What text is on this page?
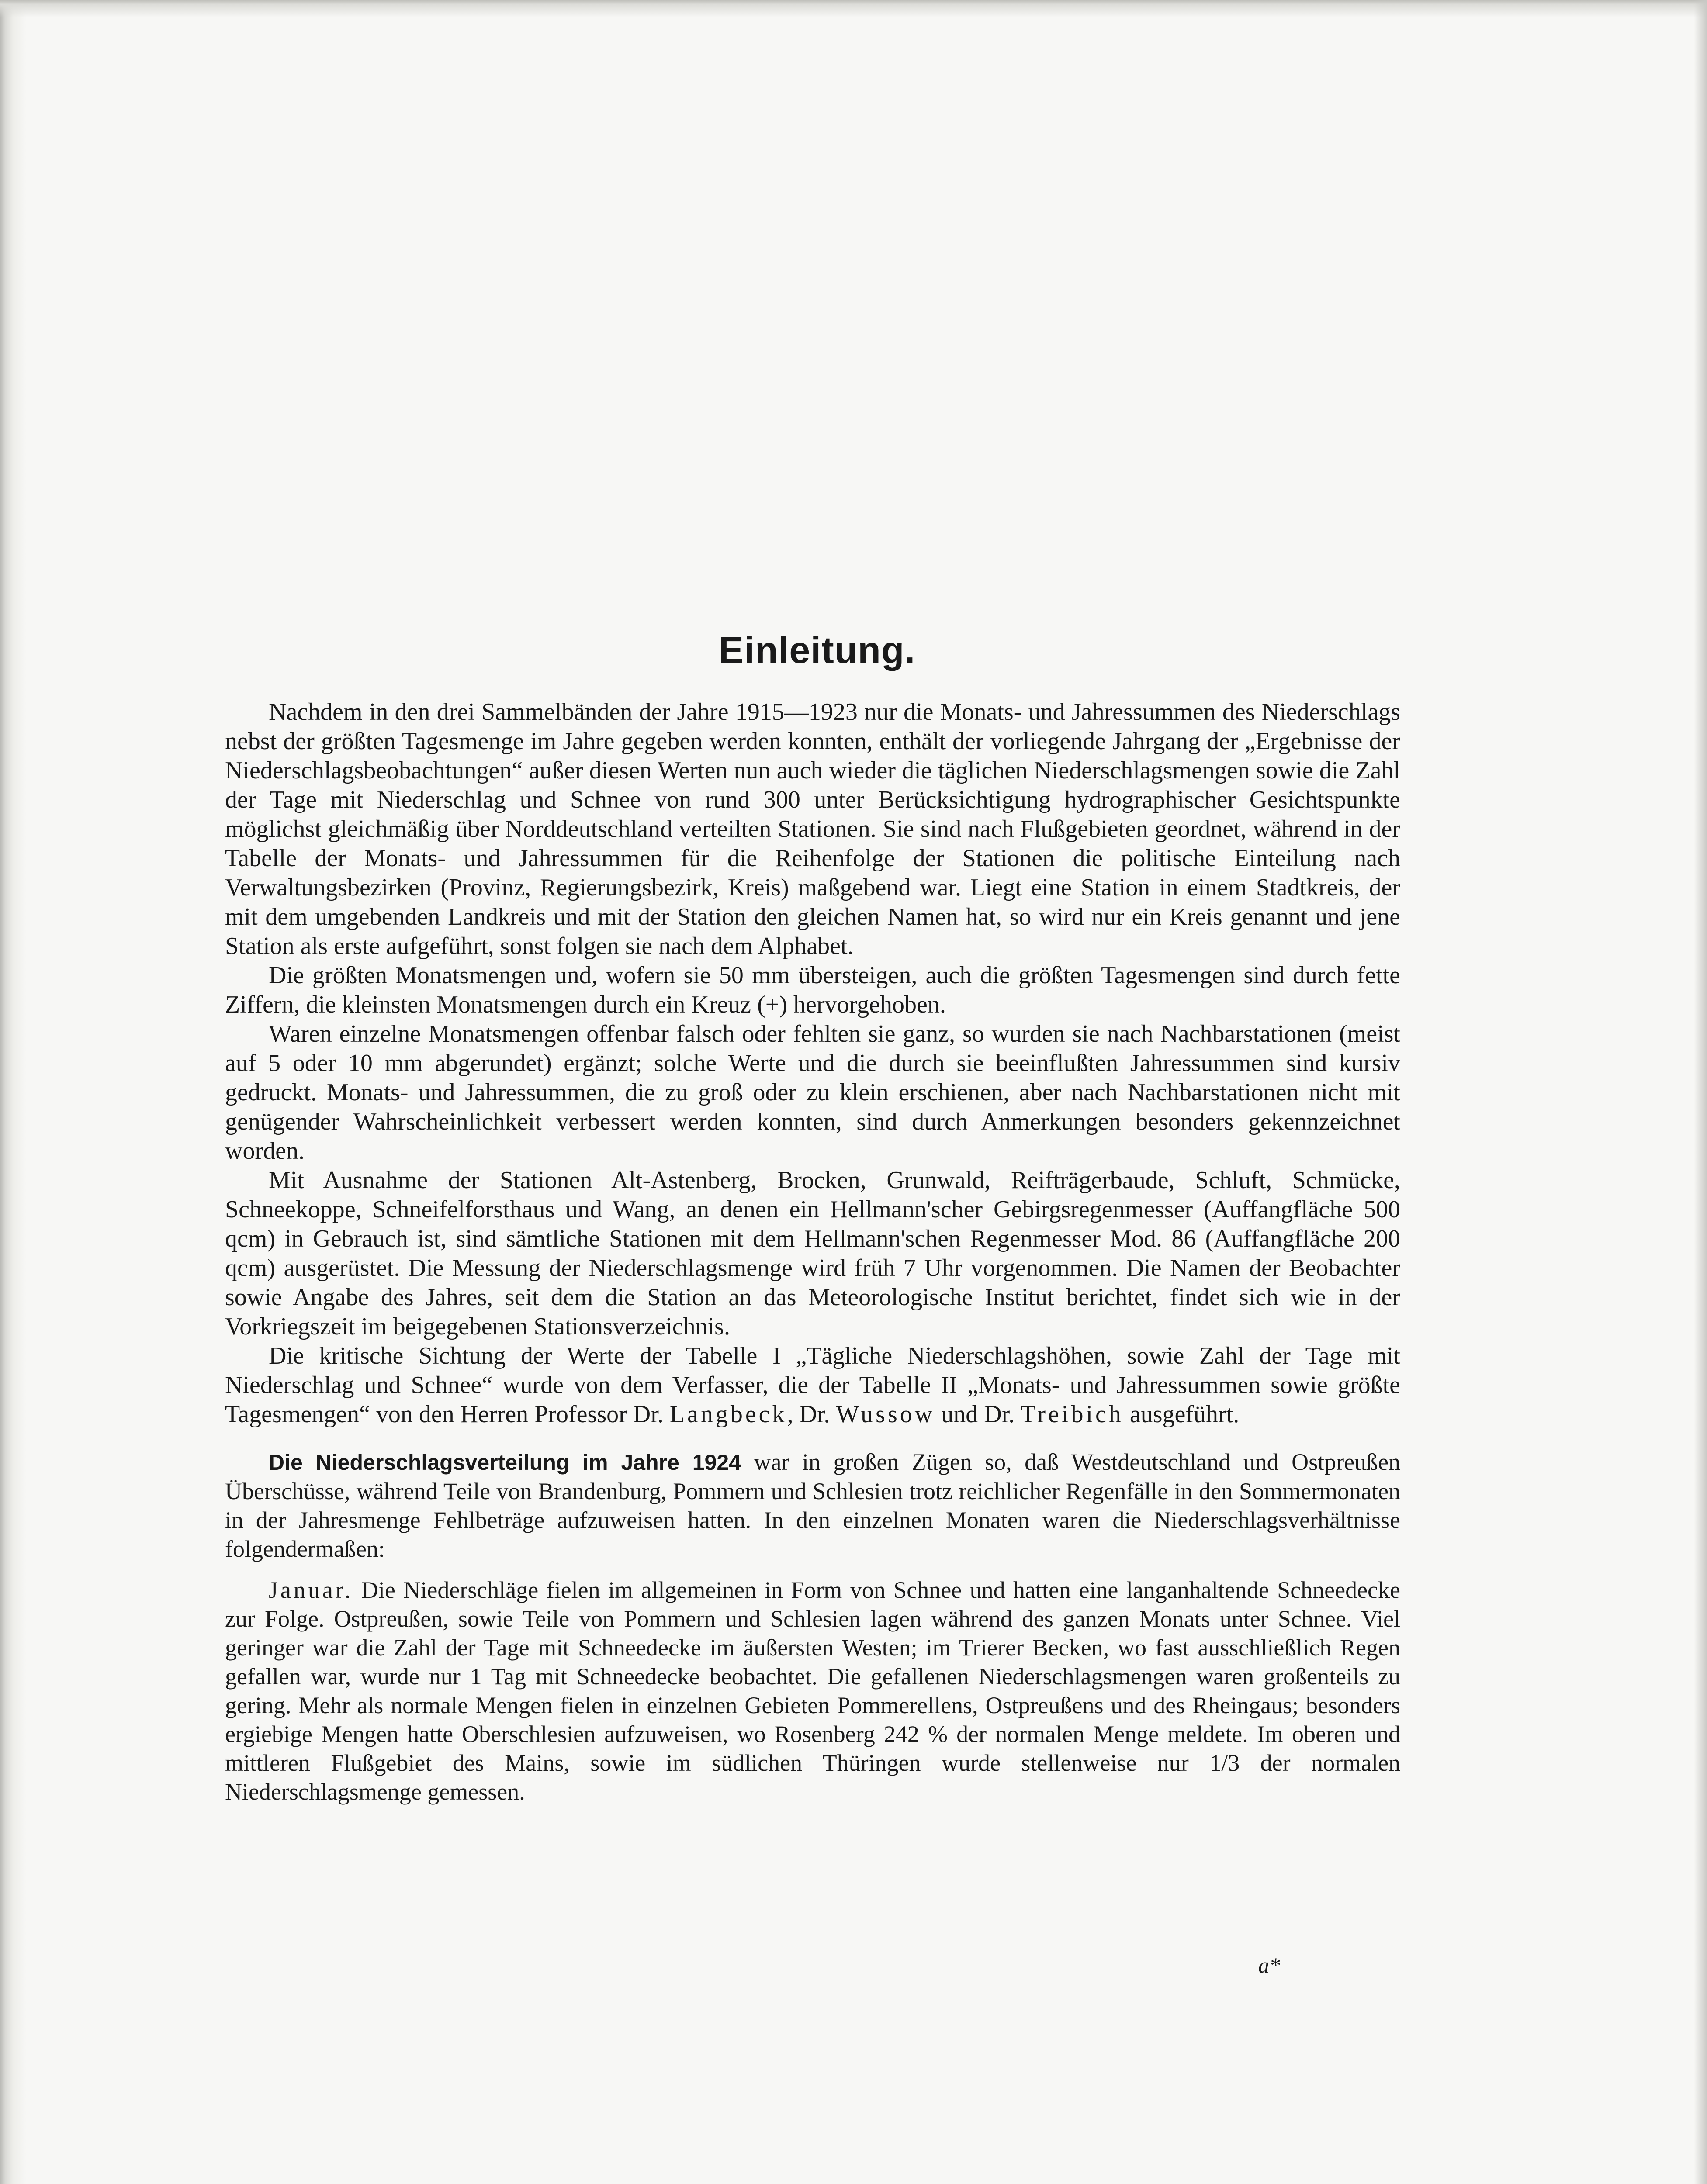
Einleitung.

Nachdem in den drei Sammelbänden der Jahre 1915—1923 nur die Monats- und Jahressummen des Niederschlags nebst der größten Tagesmenge im Jahre gegeben werden konnten, enthält der vorliegende Jahrgang der „Ergebnisse der Niederschlagsbeobachtungen“ außer diesen Werten nun auch wieder die täglichen Niederschlagsmengen sowie die Zahl der Tage mit Niederschlag und Schnee von rund 300 unter Berücksichtigung hydrographischer Gesichtspunkte möglichst gleichmäßig über Norddeutschland verteilten Stationen. Sie sind nach Flußgebieten geordnet, während in der Tabelle der Monats- und Jahressummen für die Reihenfolge der Stationen die politische Einteilung nach Verwaltungsbezirken (Provinz, Regierungsbezirk, Kreis) maßgebend war. Liegt eine Station in einem Stadtkreis, der mit dem umgebenden Landkreis und mit der Station den gleichen Namen hat, so wird nur ein Kreis genannt und jene Station als erste aufgeführt, sonst folgen sie nach dem Alphabet.

Die größten Monatsmengen und, wofern sie 50 mm übersteigen, auch die größten Tagesmengen sind durch fette Ziffern, die kleinsten Monatsmengen durch ein Kreuz (+) hervorgehoben.

Waren einzelne Monatsmengen offenbar falsch oder fehlten sie ganz, so wurden sie nach Nachbarstationen (meist auf 5 oder 10 mm abgerundet) ergänzt; solche Werte und die durch sie beeinflußten Jahressummen sind kursiv gedruckt. Monats- und Jahressummen, die zu groß oder zu klein erschienen, aber nach Nachbarstationen nicht mit genügender Wahrscheinlichkeit verbessert werden konnten, sind durch Anmerkungen besonders gekennzeichnet worden.

Mit Ausnahme der Stationen Alt-Astenberg, Brocken, Grunwald, Reifträgerbaude, Schluft, Schmücke, Schneekoppe, Schneifelforsthaus und Wang, an denen ein Hellmann'scher Gebirgsregenmesser (Auffangfläche 500 qcm) in Gebrauch ist, sind sämtliche Stationen mit dem Hellmann'schen Regenmesser Mod. 86 (Auffangfläche 200 qcm) ausgerüstet. Die Messung der Niederschlagsmenge wird früh 7 Uhr vorgenommen. Die Namen der Beobachter sowie Angabe des Jahres, seit dem die Station an das Meteorologische Institut berichtet, findet sich wie in der Vorkriegszeit im beigegebenen Stationsverzeichnis.

Die kritische Sichtung der Werte der Tabelle I „Tägliche Niederschlagshöhen, sowie Zahl der Tage mit Niederschlag und Schnee“ wurde von dem Verfasser, die der Tabelle II „Monats- und Jahressummen sowie größte Tagesmengen“ von den Herren Professor Dr. Langbeck, Dr. Wussow und Dr. Treibich ausgeführt.

Die Niederschlagsverteilung im Jahre 1924 war in großen Zügen so, daß Westdeutschland und Ostpreußen Überschüsse, während Teile von Brandenburg, Pommern und Schlesien trotz reichlicher Regenfälle in den Sommermonaten in der Jahresmenge Fehlbeträge aufzuweisen hatten. In den einzelnen Monaten waren die Niederschlagsverhältnisse folgendermaßen:

Januar. Die Niederschläge fielen im allgemeinen in Form von Schnee und hatten eine langanhaltende Schneedecke zur Folge. Ostpreußen, sowie Teile von Pommern und Schlesien lagen während des ganzen Monats unter Schnee. Viel geringer war die Zahl der Tage mit Schneedecke im äußersten Westen; im Trierer Becken, wo fast ausschließlich Regen gefallen war, wurde nur 1 Tag mit Schneedecke beobachtet. Die gefallenen Niederschlagsmengen waren großenteils zu gering. Mehr als normale Mengen fielen in einzelnen Gebieten Pommerellens, Ostpreußens und des Rheingaus; besonders ergiebige Mengen hatte Oberschlesien aufzuweisen, wo Rosenberg 242 % der normalen Menge meldete. Im oberen und mittleren Flußgebiet des Mains, sowie im südlichen Thüringen wurde stellenweise nur 1/3 der normalen Niederschlagsmenge gemessen.

a*
